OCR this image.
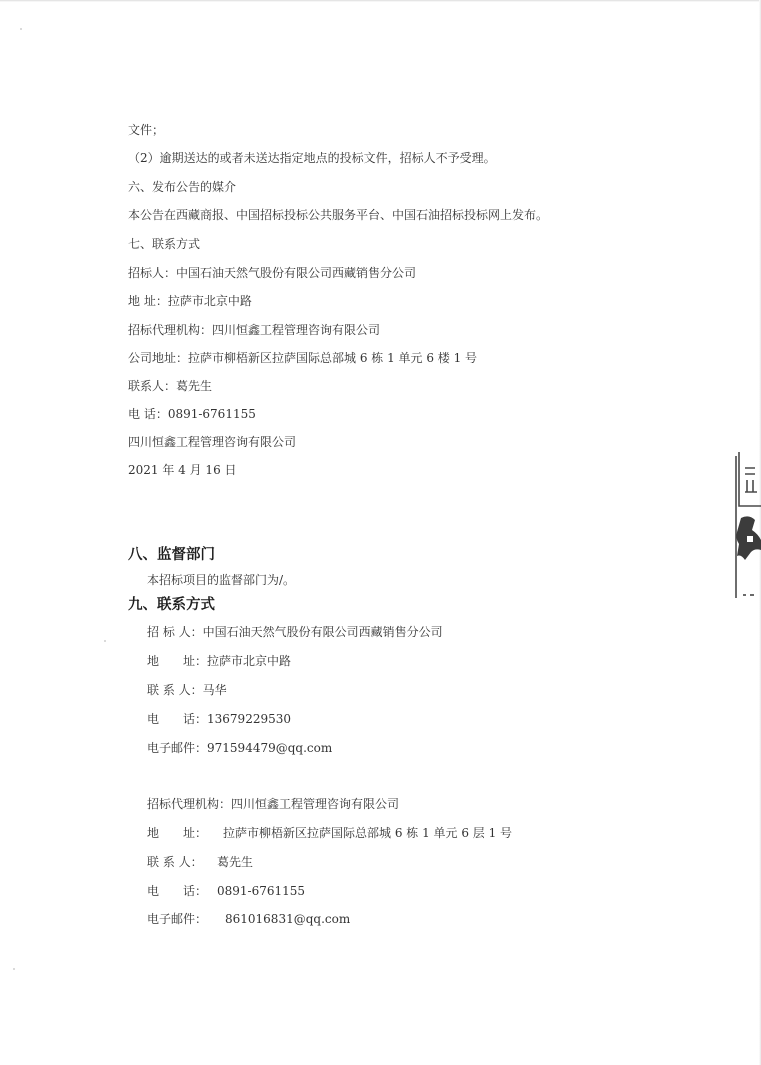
文件；
（2）逾期送达的或者未送达指定地点的投标文件，招标人不予受理。
六、发布公告的媒介
本公告在西藏商报、中国招标投标公共服务平台、中国石油招标投标网上发布。
七、联系方式
招标人：中国石油天然气股份有限公司西藏销售分公司
地 址：拉萨市北京中路
招标代理机构：四川恒鑫工程管理咨询有限公司
公司地址：拉萨市柳梧新区拉萨国际总部城 6 栋 1 单元 6 楼 1 号
联系人：葛先生
电 话：0891-6761155
四川恒鑫工程管理咨询有限公司
2021 年 4 月 16 日
八、监督部门
本招标项目的监督部门为/。
九、联系方式
招 标 人：中国石油天然气股份有限公司西藏销售分公司
地　　址：拉萨市北京中路
联 系 人：马华
电　　话：13679229530
电子邮件：971594479@qq.com
招标代理机构：四川恒鑫工程管理咨询有限公司
地　　址： 拉萨市柳梧新区拉萨国际总部城 6 栋 1 单元 6 层 1 号
联 系 人： 葛先生
电　　话： 0891-6761155
电子邮件： 861016831@qq.com
